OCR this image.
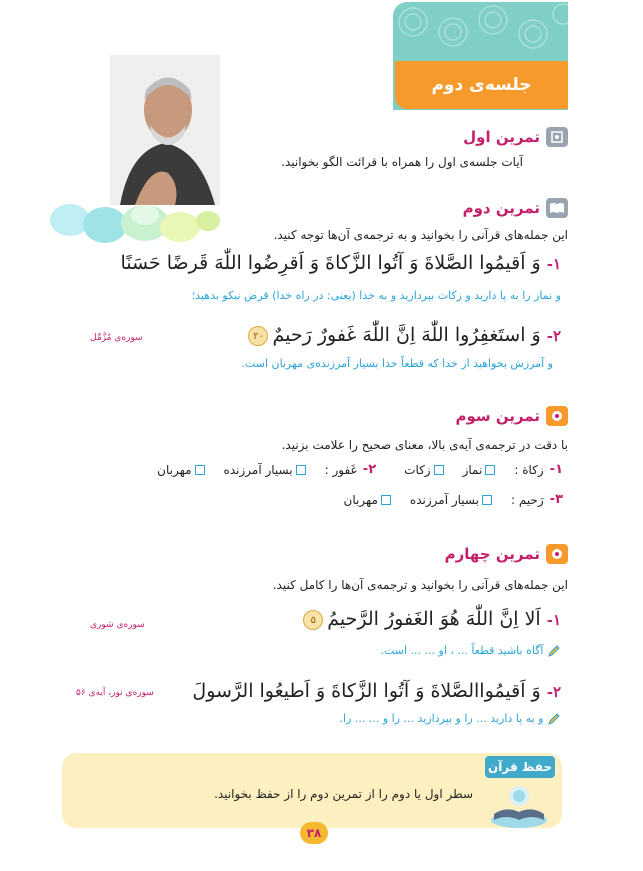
جلسه‌ی دوم
تمرین اول
آیات جلسه‌ی اول را همراه با قرائت الگو بخوانید.
تمرین دوم
این جمله‌های قرآنی را بخوانید و به ترجمه‌ی آن‌ها توجه کنید.
۱-وَ اَقیمُوا الصَّلاةَ وَ آتُوا الزَّكاةَ وَ اَقرِضُوا اللّٰهَ قَرضًا حَسَنًا
و نماز را به پا دارید و زکات بپردازید و به خدا (یعنی: در راه خدا) قرض نیکو بدهید؛
۲-وَ استَغفِرُوا اللّٰهَ اِنَّ اللّٰهَ غَفورٌ رَحیمٌ۲۰
سوره‌ی مُزَّمِّل
و آمرزش بخواهید از خدا که قطعاً خدا بسیار آمرزنده‌ی مهربان است.
تمرین سوم
با دقت در ترجمه‌ی آیه‌ی بالا، معنای صحیح را علامت بزنید.
۱-
زکاة :
نماز
زکات
۲-
غَفور :
بسیار آمرزنده
مهربان
۳-
رَحیم :
بسیار آمرزنده
مهربان
تمرین چهارم
این جمله‌های قرآنی را بخوانید و ترجمه‌ی آن‌ها را کامل کنید.
۱-اَلا اِنَّ اللّٰهَ هُوَ الغَفورُ الرَّحیمُ۵
سوره‌ی شوری
آگاه باشید قطعاً ... ، او ... ... است.
۲-وَ اَقیمُواالصَّلاةَ وَ آتُوا الزَّكاةَ وَ اَطیعُوا الرَّسولَ
سوره‌ی نور، آیه‌ی ۵۶
و به پا دارید ... را و بپردازید ... را و ... ... را.
حفظ قرآن
سطر اول یا دوم را از تمرین دوم را از حفظ بخوانید.
۳۸
